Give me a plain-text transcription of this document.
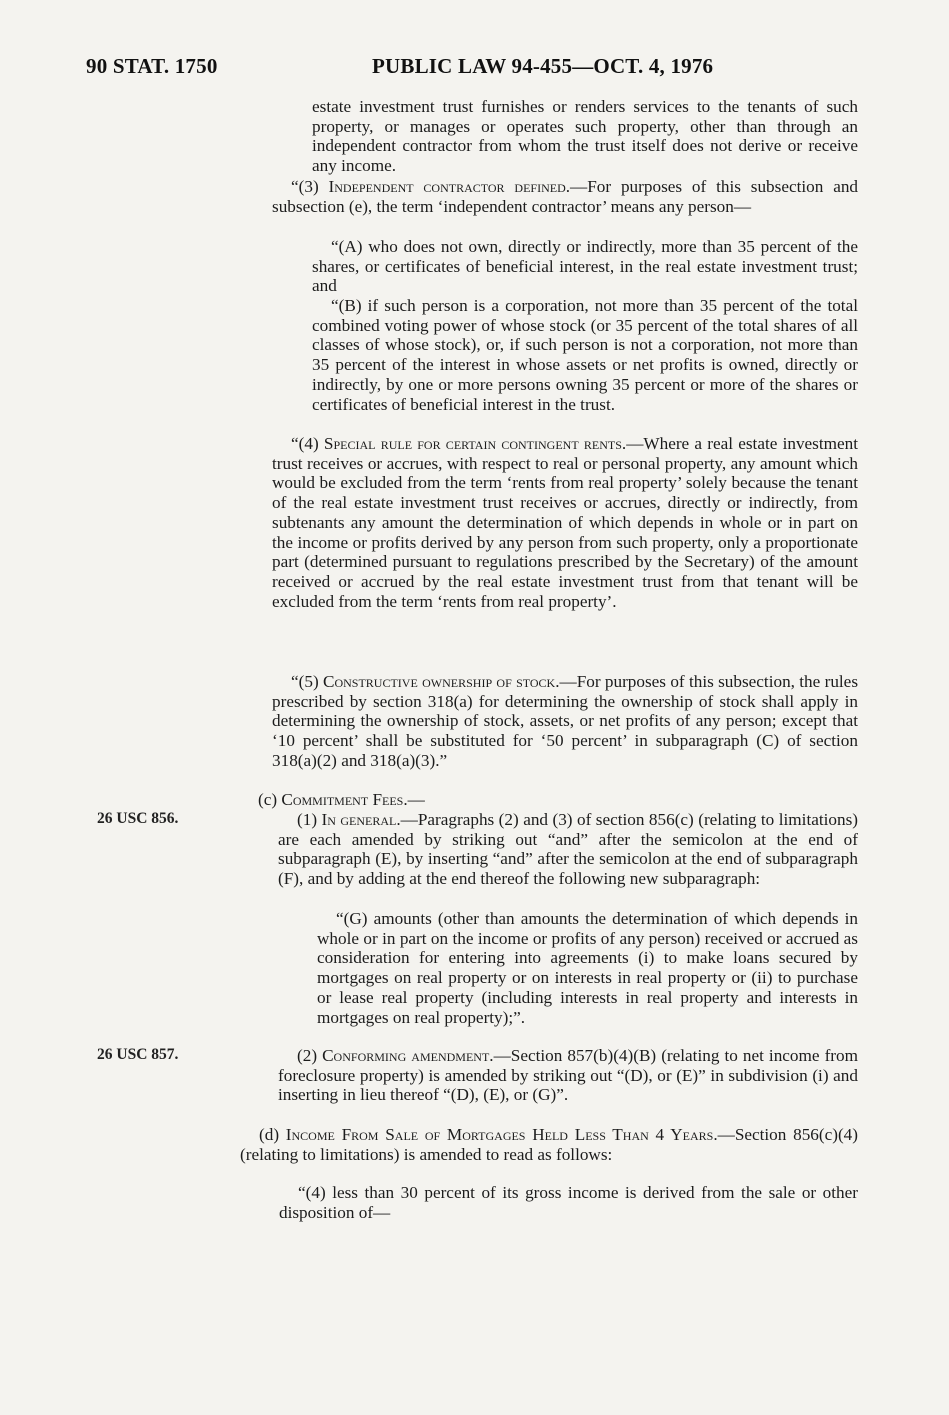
90 STAT. 1750	PUBLIC LAW 94-455—OCT. 4, 1976
26 USC 856.
26 USC 857.

estate investment trust furnishes or renders services to the tenants of such property, or manages or operates such property, other than through an independent contractor from whom the trust itself does not derive or receive any income.

“(3) Independent contractor defined.—For purposes of this subsection and subsection (e), the term ‘independent contractor’ means any person—

“(A) who does not own, directly or indirectly, more than 35 percent of the shares, or certificates of beneficial interest, in the real estate investment trust; and

“(B) if such person is a corporation, not more than 35 percent of the total combined voting power of whose stock (or 35 percent of the total shares of all classes of whose stock), or, if such person is not a corporation, not more than 35 percent of the interest in whose assets or net profits is owned, directly or indirectly, by one or more persons owning 35 percent or more of the shares or certificates of beneficial interest in the trust.

“(4) Special rule for certain contingent rents.—Where a real estate investment trust receives or accrues, with respect to real or personal property, any amount which would be excluded from the term ‘rents from real property’ solely because the tenant of the real estate investment trust receives or accrues, directly or indirectly, from subtenants any amount the determination of which depends in whole or in part on the income or profits derived by any person from such property, only a proportionate part (determined pursuant to regulations prescribed by the Secretary) of the amount received or accrued by the real estate investment trust from that tenant will be excluded from the term ‘rents from real property’.

“(5) Constructive ownership of stock.—For purposes of this subsection, the rules prescribed by section 318(a) for determining the ownership of stock shall apply in determining the ownership of stock, assets, or net profits of any person; except that ‘10 percent’ shall be substituted for ‘50 percent’ in subparagraph (C) of section 318(a)(2) and 318(a)(3).”

(c) Commitment Fees.—

(1) In general.—Paragraphs (2) and (3) of section 856(c) (relating to limitations) are each amended by striking out “and” after the semicolon at the end of subparagraph (E), by inserting “and” after the semicolon at the end of subparagraph (F), and by adding at the end thereof the following new subparagraph:

“(G) amounts (other than amounts the determination of which depends in whole or in part on the income or profits of any person) received or accrued as consideration for entering into agreements (i) to make loans secured by mortgages on real property or on interests in real property or (ii) to purchase or lease real property (including interests in real property and interests in mortgages on real property);”.

(2) Conforming amendment.—Section 857(b)(4)(B) (relating to net income from foreclosure property) is amended by striking out “(D), or (E)” in subdivision (i) and inserting in lieu thereof “(D), (E), or (G)”.

(d) Income From Sale of Mortgages Held Less Than 4 Years.—Section 856(c)(4) (relating to limitations) is amended to read as follows:

“(4) less than 30 percent of its gross income is derived from the sale or other disposition of—
